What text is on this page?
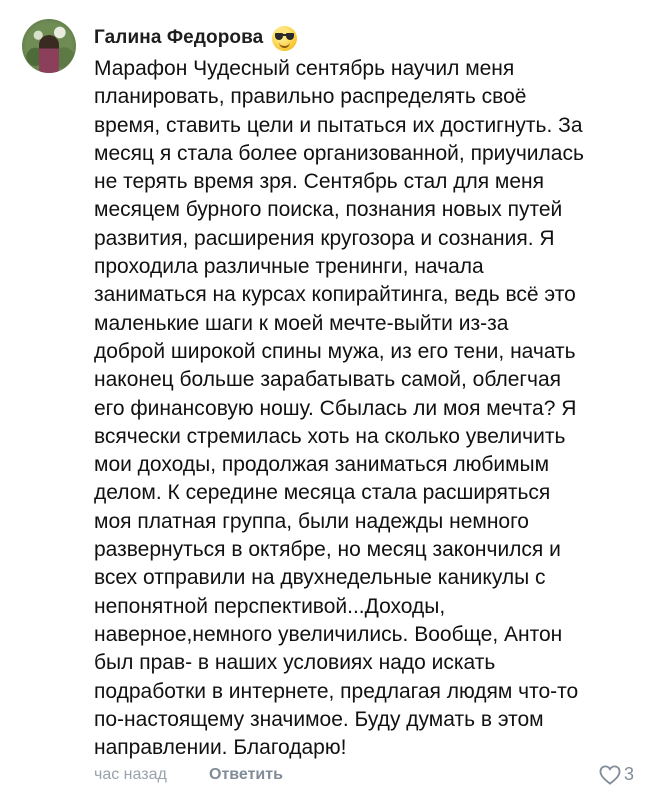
Галина Федорова

Марафон Чудесный сентябрь научил меня
планировать, правильно распределять своё
время, ставить цели и пытаться их достигнуть. За
месяц я стала более организованной, приучилась
не терять время зря. Сентябрь стал для меня
месяцем бурного поиска, познания новых путей
развития, расширения кругозора и сознания. Я
проходила различные тренинги, начала
заниматься на курсах копирайтинга, ведь всё это
маленькие шаги к моей мечте-выйти из-за
доброй широкой спины мужа, из его тени, начать
наконец больше зарабатывать самой, облегчая
его финансовую ношу. Сбылась ли моя мечта? Я
всячески стремилась хоть на сколько увеличить
мои доходы, продолжая заниматься любимым
делом. К середине месяца стала расширяться
моя платная группа, были надежды немного
развернуться в октябре, но месяц закончился и
всех отправили на двухнедельные каникулы с
непонятной перспективой...Доходы,
наверное,немного увеличились. Вообще, Антон
был прав- в наших условиях надо искать
подработки в интернете, предлагая людям что-то
по-настоящему значимое. Буду думать в этом
направлении. Благодарю!

час назад	Ответить	3
